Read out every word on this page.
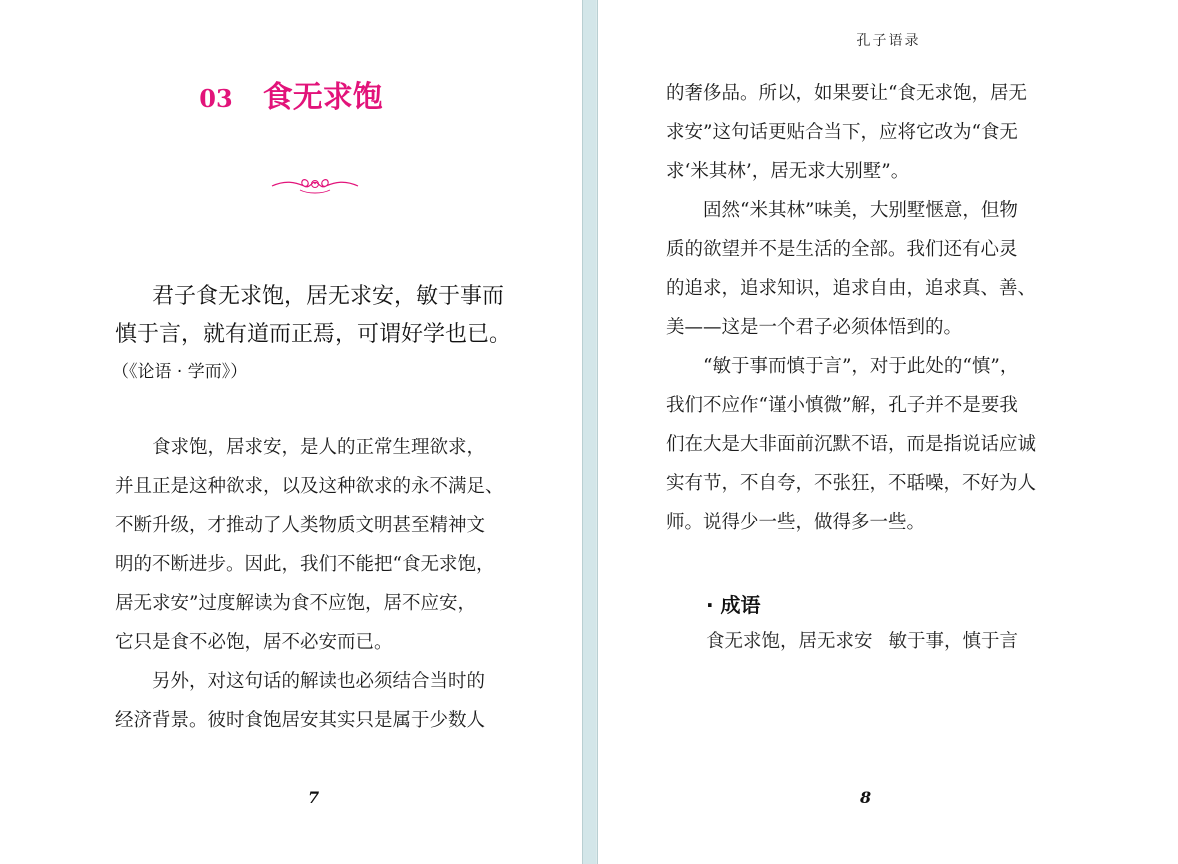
03 食无求饱
君子食无求饱，居无求安，敏于事而
慎于言，就有道而正焉，可谓好学也已。
（《论语 · 学而》）
　　食求饱，居求安，是人的正常生理欲求，
并且正是这种欲求，以及这种欲求的永不满足、
不断升级，才推动了人类物质文明甚至精神文
明的不断进步。因此，我们不能把“食无求饱，
居无求安”过度解读为食不应饱，居不应安，
它只是食不必饱，居不必安而已。
　　另外，对这句话的解读也必须结合当时的
经济背景。彼时食饱居安其实只是属于少数人
7
孔子语录
的奢侈品。所以，如果要让“食无求饱，居无
求安”这句话更贴合当下，应将它改为“食无
求‘米其林’，居无求大别墅”。
　　固然“米其林”味美，大别墅惬意，但物
质的欲望并不是生活的全部。我们还有心灵
的追求，追求知识，追求自由，追求真、善、
美——这是一个君子必须体悟到的。
　　“敏于事而慎于言”，对于此处的“慎”，
我们不应作“谨小慎微”解，孔子并不是要我
们在大是大非面前沉默不语，而是指说话应诚
实有节，不自夸，不张狂，不聒噪，不好为人
师。说得少一些，做得多一些。
· 成语
食无求饱，居无求安 敏于事，慎于言
8
